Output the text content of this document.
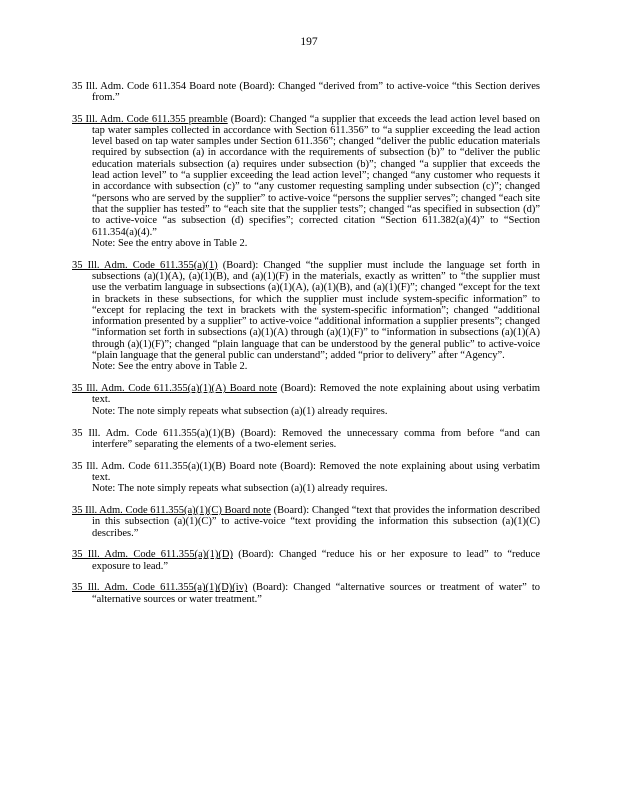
197

35 Ill. Adm. Code 611.354 Board note (Board): Changed “derived from” to active-voice “this Section derives from.”

35 Ill. Adm. Code 611.355 preamble (Board): Changed “a supplier that exceeds the lead action level based on tap water samples collected in accordance with Section 611.356” to “a supplier exceeding the lead action level based on tap water samples under Section 611.356”; changed “deliver the public education materials required by subsection (a) in accordance with the requirements of subsection (b)” to “deliver the public education materials subsection (a) requires under subsection (b)”; changed “a supplier that exceeds the lead action level” to “a supplier exceeding the lead action level”; changed “any customer who requests it in accordance with subsection (c)” to “any customer requesting sampling under subsection (c)”; changed “persons who are served by the supplier” to active-voice “persons the supplier serves”; changed “each site that the supplier has tested” to “each site that the supplier tests”; changed “as specified in subsection (d)” to active-voice “as subsection (d) specifies”; corrected citation “Section 611.382(a)(4)” to “Section 611.354(a)(4).”
Note: See the entry above in Table 2.

35 Ill. Adm. Code 611.355(a)(1) (Board): Changed “the supplier must include the language set forth in subsections (a)(1)(A), (a)(1)(B), and (a)(1)(F) in the materials, exactly as written” to “the supplier must use the verbatim language in subsections (a)(1)(A), (a)(1)(B), and (a)(1)(F)”; changed “except for the text in brackets in these subsections, for which the supplier must include system-specific information” to “except for replacing the text in brackets with the system-specific information”; changed “additional information presented by a supplier” to active-voice “additional information a supplier presents”; changed “information set forth in subsections (a)(1)(A) through (a)(1)(F)” to “information in subsections (a)(1)(A) through (a)(1)(F)”; changed “plain language that can be understood by the general public” to active-voice “plain language that the general public can understand”; added “prior to delivery” after “Agency”.
Note: See the entry above in Table 2.

35 Ill. Adm. Code 611.355(a)(1)(A) Board note (Board): Removed the note explaining about using verbatim text.
Note: The note simply repeats what subsection (a)(1) already requires.

35 Ill. Adm. Code 611.355(a)(1)(B) (Board): Removed the unnecessary comma from before “and can interfere” separating the elements of a two-element series.

35 Ill. Adm. Code 611.355(a)(1)(B) Board note (Board): Removed the note explaining about using verbatim text.
Note: The note simply repeats what subsection (a)(1) already requires.

35 Ill. Adm. Code 611.355(a)(1)(C) Board note (Board): Changed “text that provides the information described in this subsection (a)(1)(C)” to active-voice “text providing the information this subsection (a)(1)(C) describes.”

35 Ill. Adm. Code 611.355(a)(1)(D) (Board): Changed “reduce his or her exposure to lead” to “reduce exposure to lead.”

35 Ill. Adm. Code 611.355(a)(1)(D)(iv) (Board): Changed “alternative sources or treatment of water” to “alternative sources or water treatment.”
